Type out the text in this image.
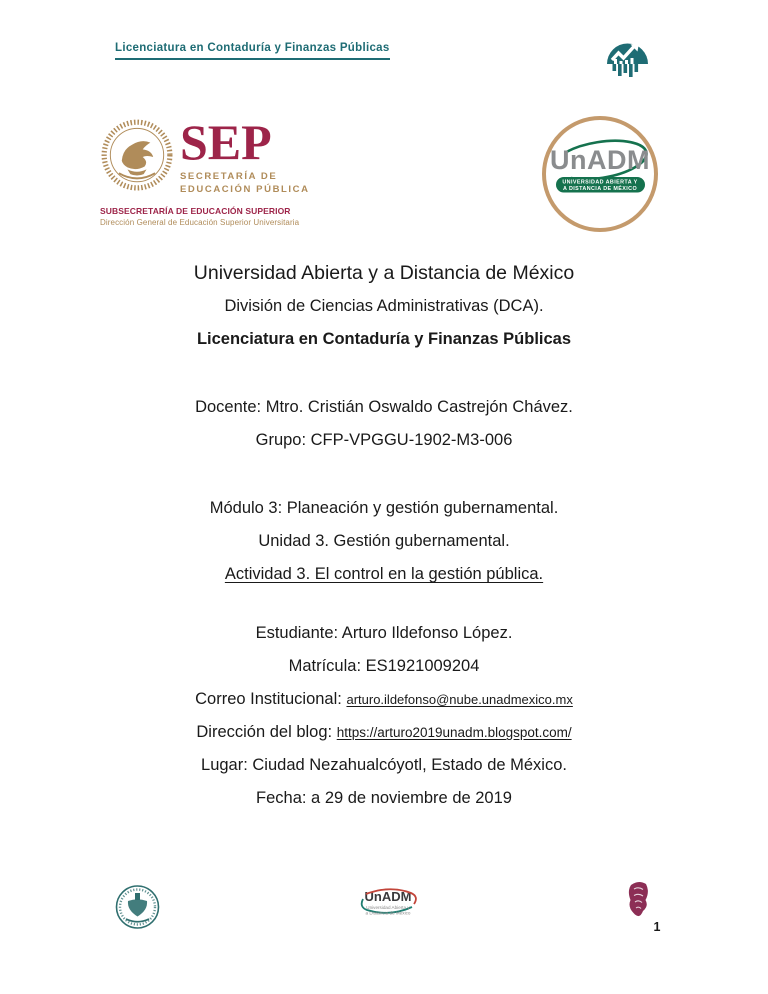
Licenciatura en Contaduría y Finanzas Públicas
SEP
SECRETARÍA DE
EDUCACIÓN PÚBLICA
SUBSECRETARÍA DE EDUCACIÓN SUPERIOR
Dirección General de Educación Superior Universitaria
UnADM
UNIVERSIDAD ABIERTA Y
A DISTANCIA DE MÉXICO

Universidad Abierta y a Distancia de México

División de Ciencias Administrativas (DCA).

Licenciatura en Contaduría y Finanzas Públicas

Docente: Mtro. Cristián Oswaldo Castrejón Chávez.

Grupo: CFP-VPGGU-1902-M3-006

Módulo 3: Planeación y gestión gubernamental.

Unidad 3. Gestión gubernamental.

Actividad 3. El control en la gestión pública.

Estudiante: Arturo Ildefonso López.

Matrícula: ES1921009204

Correo Institucional: arturo.ildefonso@nube.unadmexico.mx

Dirección del blog: https://arturo2019unadm.blogspot.com/

Lugar: Ciudad Nezahualcóyotl, Estado de México.

Fecha: a 29 de noviembre de 2019

UnADM
Universidad Abierta y
a Distancia de México
1
